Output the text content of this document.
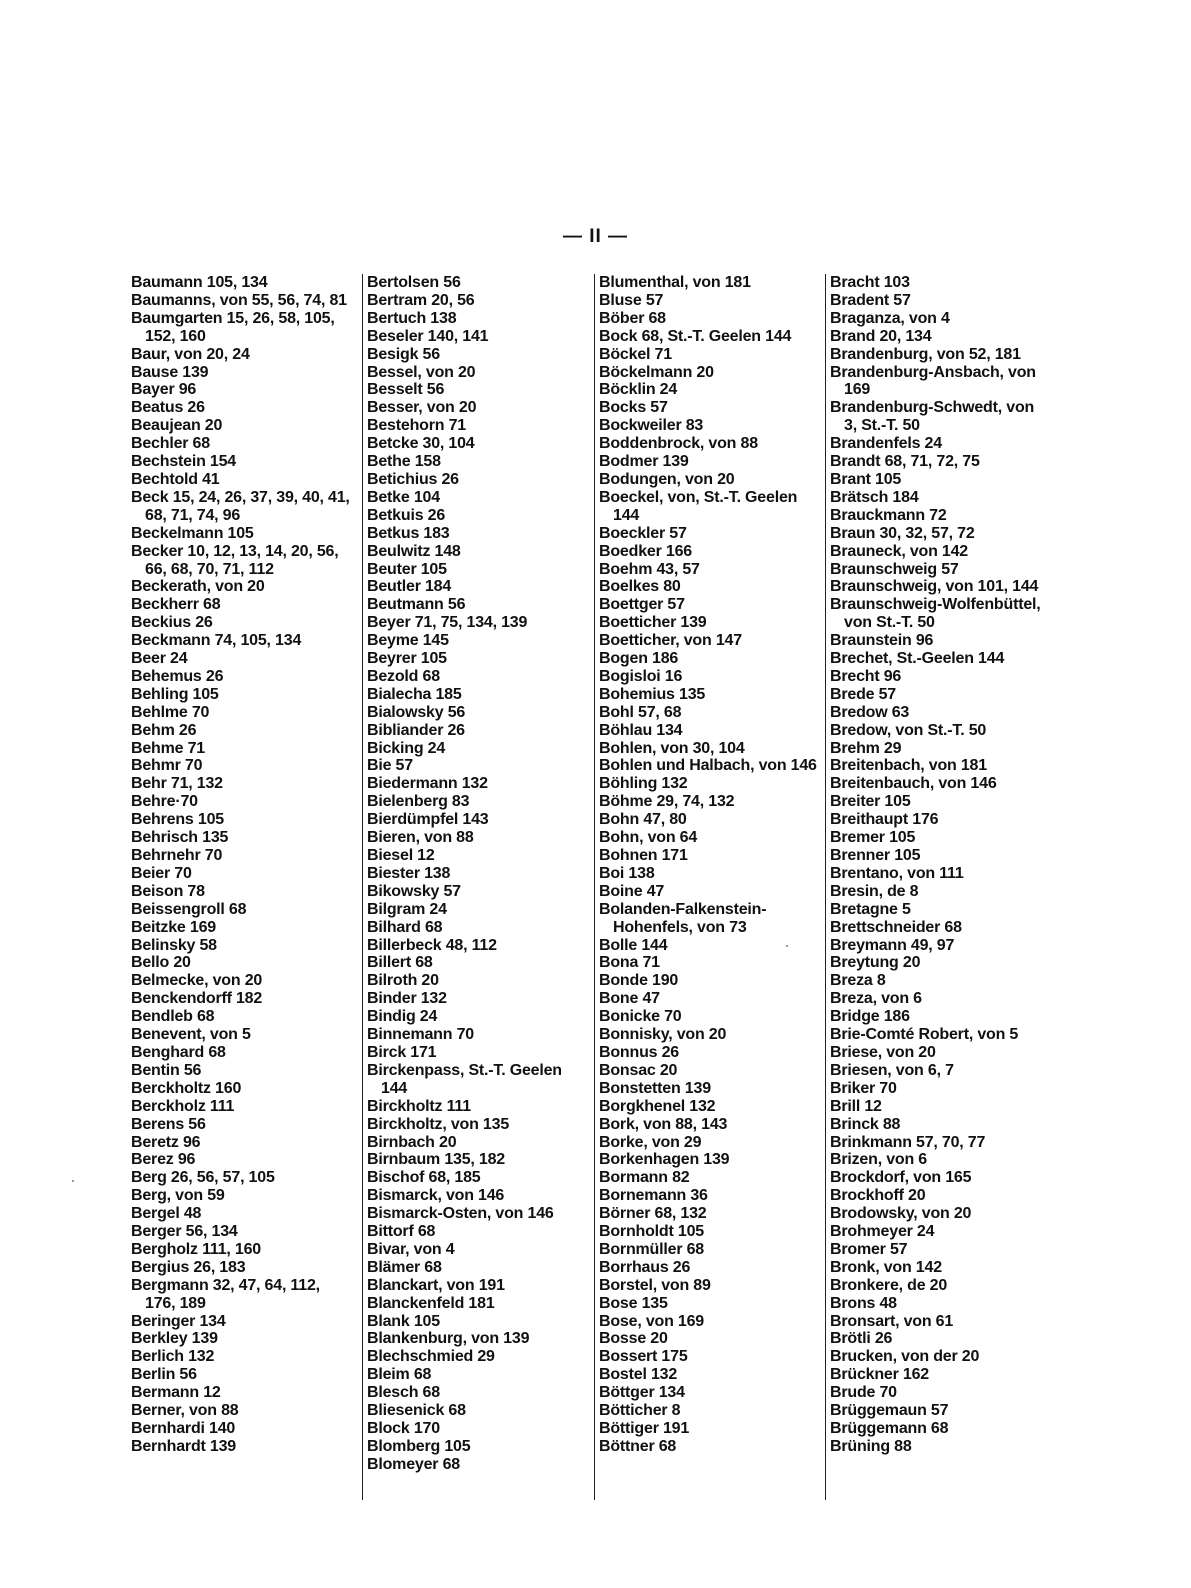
— II —
Baumann 105, 134
Baumanns, von 55, 56, 74, 81
Baumgarten 15, 26, 58, 105, 152, 160
Baur, von 20, 24
Bause 139
Bayer 96
Beatus 26
Beaujean 20
Bechler 68
Bechstein 154
Bechtold 41
Beck 15, 24, 26, 37, 39, 40, 41, 68, 71, 74, 96
Beckelmann 105
Becker 10, 12, 13, 14, 20, 56, 66, 68, 70, 71, 112
Beckerath, von 20
Beckherr 68
Beckius 26
Beckmann 74, 105, 134
Beer 24
Behemus 26
Behling 105
Behlme 70
Behm 26
Behme 71
Behmr 70
Behr 71, 132
Behre·70
Behrens 105
Behrisch 135
Behrnehr 70
Beier 70
Beison 78
Beissengroll 68
Beitzke 169
Belinsky 58
Bello 20
Belmecke, von 20
Benckendorff 182
Bendleb 68
Benevent, von 5
Benghard 68
Bentin 56
Berckholtz 160
Berckholz 111
Berens 56
Beretz 96
Berez 96
Berg 26, 56, 57, 105
Berg, von 59
Bergel 48
Berger 56, 134
Bergholz 111, 160
Bergius 26, 183
Bergmann 32, 47, 64, 112, 176, 189
Beringer 134
Berkley 139
Berlich 132
Berlin 56
Bermann 12
Berner, von 88
Bernhardi 140
Bernhardt 139
Bertolsen 56
Bertram 20, 56
Bertuch 138
Beseler 140, 141
Besigk 56
Bessel, von 20
Besselt 56
Besser, von 20
Bestehorn 71
Betcke 30, 104
Bethe 158
Betichius 26
Betke 104
Betkuis 26
Betkus 183
Beulwitz 148
Beuter 105
Beutler 184
Beutmann 56
Beyer 71, 75, 134, 139
Beyme 145
Beyrer 105
Bezold 68
Bialecha 185
Bialowsky 56
Bibliander 26
Bicking 24
Bie 57
Biedermann 132
Bielenberg 83
Bierdümpfel 143
Bieren, von 88
Biesel 12
Biester 138
Bikowsky 57
Bilgram 24
Bilhard 68
Billerbeck 48, 112
Billert 68
Bilroth 20
Binder 132
Bindig 24
Binnemann 70
Birck 171
Birckenpass, St.-T. Geelen 144
Birckholtz 111
Birckholtz, von 135
Birnbach 20
Birnbaum 135, 182
Bischof 68, 185
Bismarck, von 146
Bismarck-Osten, von 146
Bittorf 68
Bivar, von 4
Blämer 68
Blanckart, von 191
Blanckenfeld 181
Blank 105
Blankenburg, von 139
Blechschmied 29
Bleim 68
Blesch 68
Bliesenick 68
Block 170
Blomberg 105
Blomeyer 68
Blumenthal, von 181
Bluse 57
Böber 68
Bock 68, St.-T. Geelen 144
Böckel 71
Böckelmann 20
Böcklin 24
Bocks 57
Bockweiler 83
Boddenbrock, von 88
Bodmer 139
Bodungen, von 20
Boeckel, von, St.-T. Geelen 144
Boeckler 57
Boedker 166
Boehm 43, 57
Boelkes 80
Boettger 57
Boetticher 139
Boetticher, von 147
Bogen 186
Bogisloi 16
Bohemius 135
Bohl 57, 68
Böhlau 134
Bohlen, von 30, 104
Bohlen und Halbach, von 146
Böhling 132
Böhme 29, 74, 132
Bohn 47, 80
Bohn, von 64
Bohnen 171
Boi 138
Boine 47
Bolanden-Falkenstein-Hohenfels, von 73
Bolle 144
Bona 71
Bonde 190
Bone 47
Bonicke 70
Bonnisky, von 20
Bonnus 26
Bonsac 20
Bonstetten 139
Borgkhenel 132
Bork, von 88, 143
Borke, von 29
Borkenhagen 139
Bormann 82
Bornemann 36
Börner 68, 132
Bornholdt 105
Bornmüller 68
Borrhaus 26
Borstel, von 89
Bose 135
Bose, von 169
Bosse 20
Bossert 175
Bostel 132
Böttger 134
Bötticher 8
Böttiger 191
Böttner 68
Bracht 103
Bradent 57
Braganza, von 4
Brand 20, 134
Brandenburg, von 52, 181
Brandenburg-Ansbach, von 169
Brandenburg-Schwedt, von 3, St.-T. 50
Brandenfels 24
Brandt 68, 71, 72, 75
Brant 105
Brätsch 184
Brauckmann 72
Braun 30, 32, 57, 72
Brauneck, von 142
Braunschweig 57
Braunschweig, von 101, 144
Braunschweig-Wolfenbüttel, von St.-T. 50
Braunstein 96
Brechet, St.-Geelen 144
Brecht 96
Brede 57
Bredow 63
Bredow, von St.-T. 50
Brehm 29
Breitenbach, von 181
Breitenbauch, von 146
Breiter 105
Breithaupt 176
Bremer 105
Brenner 105
Brentano, von 111
Bresin, de 8
Bretagne 5
Brettschneider 68
Breymann 49, 97
Breytung 20
Breza 8
Breza, von 6
Bridge 186
Brie-Comté Robert, von 5
Briese, von 20
Briesen, von 6, 7
Briker 70
Brill 12
Brinck 88
Brinkmann 57, 70, 77
Brizen, von 6
Brockdorf, von 165
Brockhoff 20
Brodowsky, von 20
Brohmeyer 24
Bromer 57
Bronk, von 142
Bronkere, de 20
Brons 48
Bronsart, von 61
Brötli 26
Brucken, von der 20
Brückner 162
Brude 70
Brüggemaun 57
Brüggemann 68
Brüning 88
